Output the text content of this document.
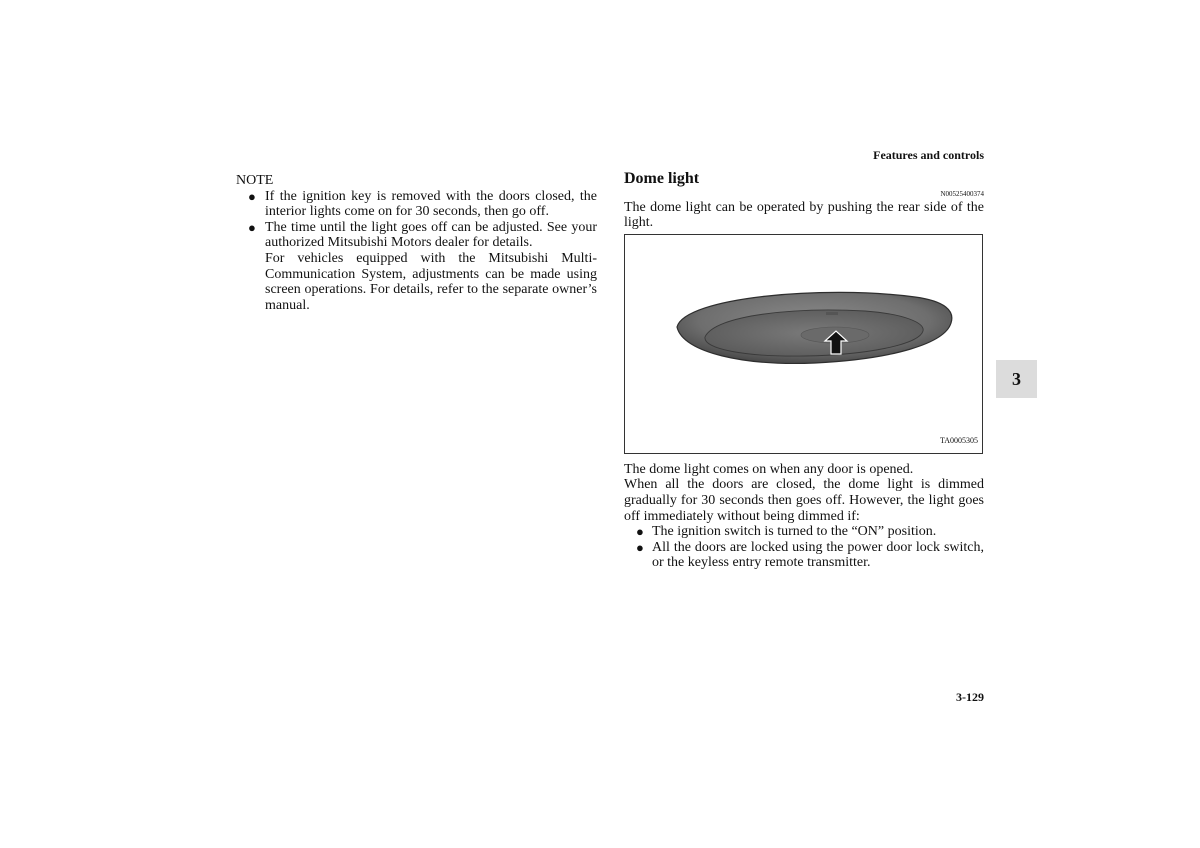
Features and controls
NOTE
● If the ignition key is removed with the doors closed, the interior lights come on for 30 seconds, then go off.
● The time until the light goes off can be adjusted. See your authorized Mitsubishi Motors dealer for details.
For vehicles equipped with the Mitsubishi Multi-Communication System, adjustments can be made using screen operations. For details, refer to the separate owner’s manual.
Dome light
N00525400374
The dome light can be operated by pushing the rear side of the light.
TA0005305
The dome light comes on when any door is opened.
When all the doors are closed, the dome light is dimmed gradually for 30 seconds then goes off. However, the light goes off immediately without being dimmed if:
● The ignition switch is turned to the “ON” position.
● All the doors are locked using the power door lock switch, or the keyless entry remote transmitter.
3
3-129
